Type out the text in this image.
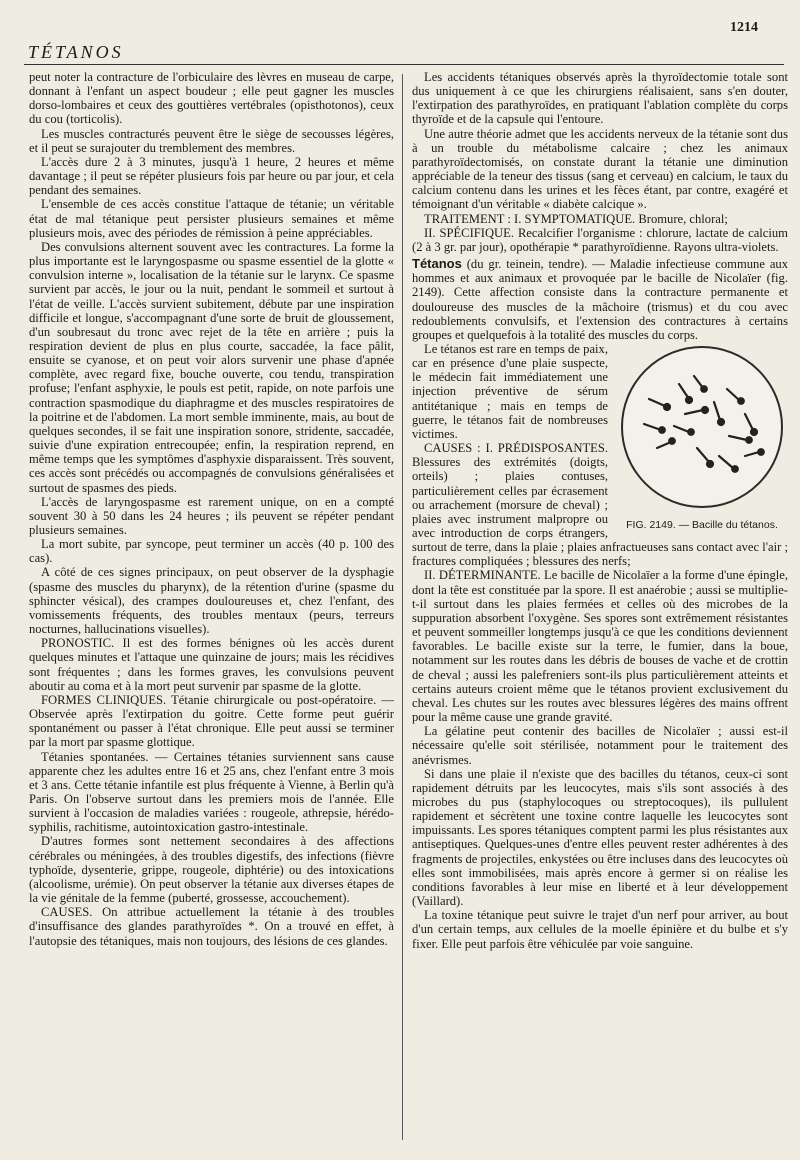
TÉTANOS
1214

peut noter la contracture de l'orbiculaire des lèvres en museau de carpe, donnant à l'enfant un aspect boudeur ; elle peut gagner les muscles dorso-lombaires et ceux des gouttières vertébrales (opisthotonos), ceux du cou (torticolis).

Les muscles contracturés peuvent être le siège de secousses légères, et il peut se surajouter du tremblement des membres.

L'accès dure 2 à 3 minutes, jusqu'à 1 heure, 2 heures et même davantage ; il peut se répéter plusieurs fois par heure ou par jour, et cela pendant des semaines.

L'ensemble de ces accès constitue l'attaque de tétanie; un véritable état de mal tétanique peut persister plusieurs semaines et même plusieurs mois, avec des périodes de rémission à peine appréciables.

Des convulsions alternent souvent avec les contractures. La forme la plus importante est le laryngospasme ou spasme essentiel de la glotte « convulsion interne », localisation de la tétanie sur le larynx. Ce spasme survient par accès, le jour ou la nuit, pendant le sommeil et surtout à l'état de veille. L'accès survient subitement, débute par une inspiration difficile et longue, s'accompagnant d'une sorte de bruit de gloussement, d'un soubresaut du tronc avec rejet de la tête en arrière ; puis la respiration devient de plus en plus courte, saccadée, la face pâlit, ensuite se cyanose, et on peut voir alors survenir une phase d'apnée complète, avec regard fixe, bouche ouverte, cou tendu, transpiration profuse; l'enfant asphyxie, le pouls est petit, rapide, on note parfois une contraction spasmodique du diaphragme et des muscles respiratoires de la poitrine et de l'abdomen. La mort semble imminente, mais, au bout de quelques secondes, il se fait une inspiration sonore, stridente, saccadée, suivie d'une expiration entrecoupée; enfin, la respiration reprend, en même temps que les symptômes d'asphyxie disparaissent. Très souvent, ces accès sont précédés ou accompagnés de convulsions généralisées et surtout de spasmes des pieds.

L'accès de laryngospasme est rarement unique, on en a compté souvent 30 à 50 dans les 24 heures ; ils peuvent se répéter pendant plusieurs semaines.

La mort subite, par syncope, peut terminer un accès (40 p. 100 des cas).

A côté de ces signes principaux, on peut observer de la dysphagie (spasme des muscles du pharynx), de la rétention d'urine (spasme du sphincter vésical), des crampes douloureuses et, chez l'enfant, des vomissements fréquents, des troubles mentaux (peurs, terreurs nocturnes, hallucinations visuelles).

PRONOSTIC. Il est des formes bénignes où les accès durent quelques minutes et l'attaque une quinzaine de jours; mais les récidives sont fréquentes ; dans les formes graves, les convulsions peuvent aboutir au coma et à la mort peut survenir par spasme de la glotte.

FORMES CLINIQUES. Tétanie chirurgicale ou post-opératoire. — Observée après l'extirpation du goitre. Cette forme peut guérir spontanément ou passer à l'état chronique. Elle peut aussi se terminer par la mort par spasme glottique.

Tétanies spontanées. — Certaines tétanies surviennent sans cause apparente chez les adultes entre 16 et 25 ans, chez l'enfant entre 3 mois et 3 ans. Cette tétanie infantile est plus fréquente à Vienne, à Berlin qu'à Paris. On l'observe surtout dans les premiers mois de l'année. Elle survient à l'occasion de maladies variées : rougeole, athrepsie, hérédo-syphilis, rachitisme, autointoxication gastro-intestinale.

D'autres formes sont nettement secondaires à des affections cérébrales ou méningées, à des troubles digestifs, des infections (fièvre typhoïde, dysenterie, grippe, rougeole, diphtérie) ou des intoxications (alcoolisme, urémie). On peut observer la tétanie aux diverses étapes de la vie génitale de la femme (puberté, grossesse, accouchement).

CAUSES. On attribue actuellement la tétanie à des troubles d'insuffisance des glandes parathyroïdes *. On a trouvé en effet, à l'autopsie des tétaniques, mais non toujours, des lésions de ces glandes.

Les accidents tétaniques observés après la thyroïdectomie totale sont dus uniquement à ce que les chirurgiens réalisaient, sans s'en douter, l'extirpation des parathyroïdes, en pratiquant l'ablation complète du corps thyroïde et de la capsule qui l'entoure.

Une autre théorie admet que les accidents nerveux de la tétanie sont dus à un trouble du métabolisme calcaire ; chez les animaux parathyroïdectomisés, on constate durant la tétanie une diminution appréciable de la teneur des tissus (sang et cerveau) en calcium, le taux du calcium contenu dans les urines et les fèces étant, par contre, exagéré et témoignant d'un véritable « diabète calcique ».

TRAITEMENT : I. SYMPTOMATIQUE. Bromure, chloral;

II. SPÉCIFIQUE. Recalcifier l'organisme : chlorure, lactate de calcium (2 à 3 gr. par jour), opothérapie * parathyroïdienne. Rayons ultra-violets.

Tétanos (du gr. teinein, tendre). — Maladie infectieuse commune aux hommes et aux animaux et provoquée par le bacille de Nicolaïer (fig. 2149). Cette affection consiste dans la contracture permanente et douloureuse des muscles de la mâchoire (trismus) et du cou avec redoublements convulsifs, et l'extension des contractures à certains groupes et quelquefois à la totalité des muscles du corps.

FIG. 2149. — Bacille du tétanos.

Le tétanos est rare en temps de paix, car en présence d'une plaie suspecte, le médecin fait immédiatement une injection préventive de sérum antitétanique ; mais en temps de guerre, le tétanos fait de nombreuses victimes.

CAUSES : I. PRÉDISPOSANTES. Blessures des extrémités (doigts, orteils) ; plaies contuses, particulièrement celles par écrasement ou arrachement (morsure de cheval) ; plaies avec instrument malpropre ou avec introduction de corps étrangers, surtout de terre, dans la plaie ; plaies anfractueuses sans contact avec l'air ; fractures compliquées ; blessures des nerfs;

II. DÉTERMINANTE. Le bacille de Nicolaïer a la forme d'une épingle, dont la tête est constituée par la spore. Il est anaérobie ; aussi se multiplie-t-il surtout dans les plaies fermées et celles où des microbes de la suppuration absorbent l'oxygène. Ses spores sont extrêmement résistantes et peuvent sommeiller longtemps jusqu'à ce que les conditions deviennent favorables. Le bacille existe sur la terre, le fumier, dans la boue, notamment sur les routes dans les débris de bouses de vache et de crottin de cheval ; aussi les palefreniers sont-ils plus particulièrement atteints et certains auteurs croient même que le tétanos provient exclusivement du cheval. Les chutes sur les routes avec blessures légères des mains offrent pour la même cause une grande gravité.

La gélatine peut contenir des bacilles de Nicolaïer ; aussi est-il nécessaire qu'elle soit stérilisée, notamment pour le traitement des anévrismes.

Si dans une plaie il n'existe que des bacilles du tétanos, ceux-ci sont rapidement détruits par les leucocytes, mais s'ils sont associés à des microbes du pus (staphylocoques ou streptocoques), ils pullulent rapidement et sécrètent une toxine contre laquelle les leucocytes sont impuissants. Les spores tétaniques comptent parmi les plus résistantes aux antiseptiques. Quelques-unes d'entre elles peuvent rester adhérentes à des fragments de projectiles, enkystées ou être incluses dans des leucocytes où elles sont immobilisées, mais après encore à germer si on réalise les conditions favorables à leur mise en liberté et à leur développement (Vaillard).

La toxine tétanique peut suivre le trajet d'un nerf pour arriver, au bout d'un certain temps, aux cellules de la moelle épinière et du bulbe et s'y fixer. Elle peut parfois être véhiculée par voie sanguine.
